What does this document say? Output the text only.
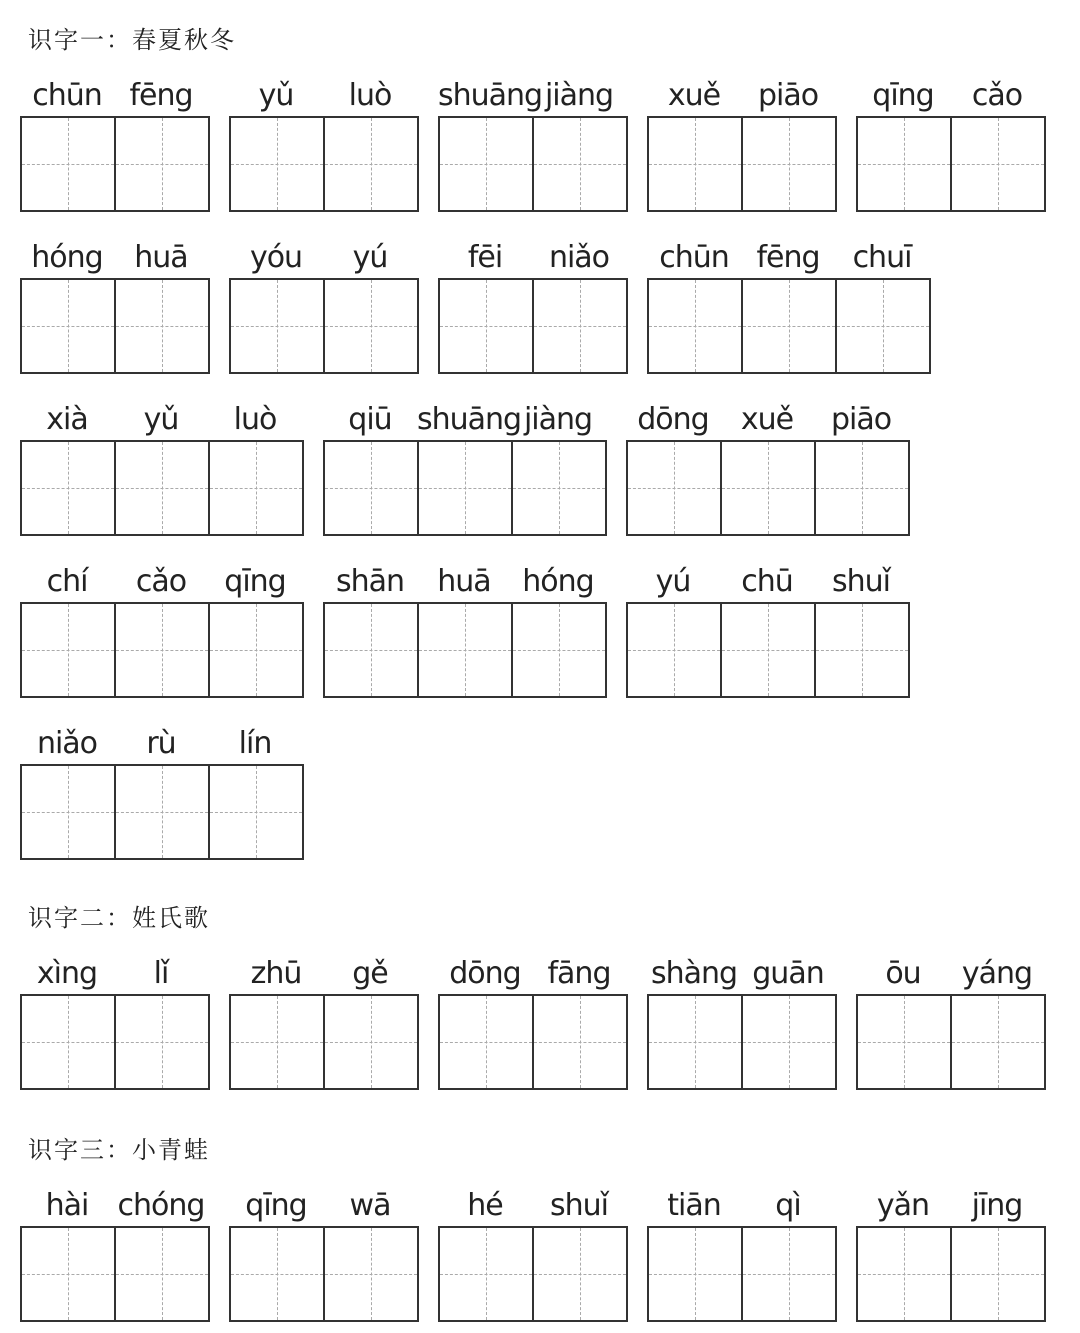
识字一：春夏秋冬
识字二：姓氏歌
识字三：小青蛙
chūn fēng	yǔ	luò	shuāng jiàng	xuě	piāo	qīng	cǎo
hóng	huā	yóu	yú	fēi	niǎo	chūn fēng	chuī
xià	yǔ	luò	qiū shuāng jiàng	dōng	xuě	piāo
chí	cǎo	qīng	shān	huā	hóng	yú	chū	shuǐ
niǎo	rù	lín
xìng	lǐ	zhū	gě	dōng fāng	shàng guān	ōu	yáng
hài chóng	qīng	wā	hé	shuǐ	tiān	qì	yǎn	jīng
